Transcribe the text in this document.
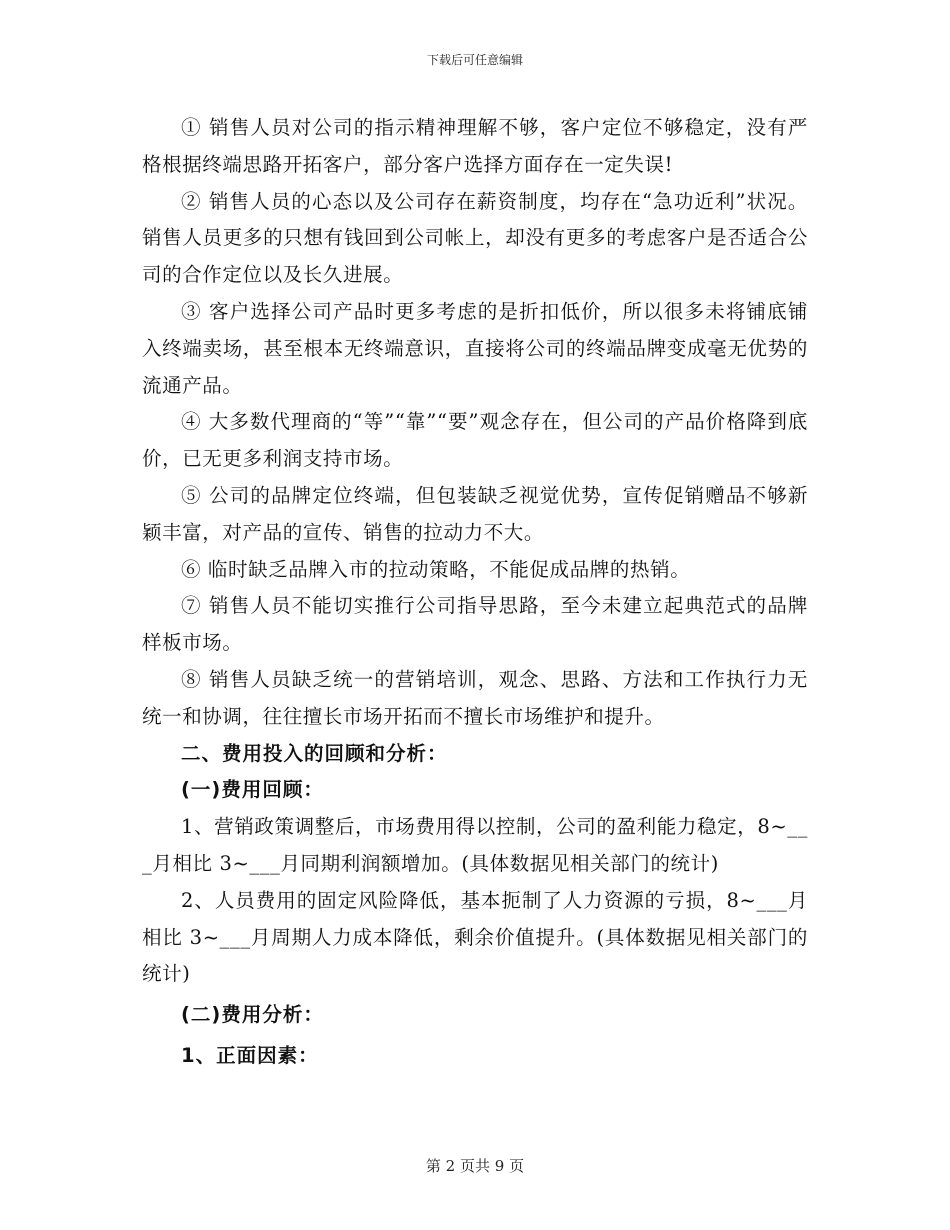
下载后可任意编辑

① 销售人员对公司的指示精神理解不够，客户定位不够稳定，没有严格根据终端思路开拓客户，部分客户选择方面存在一定失误!

② 销售人员的心态以及公司存在薪资制度，均存在“急功近利”状况。销售人员更多的只想有钱回到公司帐上，却没有更多的考虑客户是否适合公司的合作定位以及长久进展。

③ 客户选择公司产品时更多考虑的是折扣低价，所以很多未将铺底铺入终端卖场，甚至根本无终端意识，直接将公司的终端品牌变成毫无优势的流通产品。

④ 大多数代理商的“等”“靠”“要”观念存在，但公司的产品价格降到底价，已无更多利润支持市场。

⑤ 公司的品牌定位终端，但包装缺乏视觉优势，宣传促销赠品不够新颖丰富，对产品的宣传、销售的拉动力不大。

⑥ 临时缺乏品牌入市的拉动策略，不能促成品牌的热销。

⑦ 销售人员不能切实推行公司指导思路，至今未建立起典范式的品牌样板市场。

⑧ 销售人员缺乏统一的营销培训，观念、思路、方法和工作执行力无统一和协调，往往擅长市场开拓而不擅长市场维护和提升。

二、费用投入的回顾和分析：

(一)费用回顾：

1、营销政策调整后，市场费用得以控制，公司的盈利能力稳定，8~___月相比 3~___月同期利润额增加。(具体数据见相关部门的统计)

2、人员费用的固定风险降低，基本扼制了人力资源的亏损，8~___月相比 3~___月周期人力成本降低，剩余价值提升。(具体数据见相关部门的统计)

(二)费用分析：

1、正面因素：

第 2 页共 9 页
